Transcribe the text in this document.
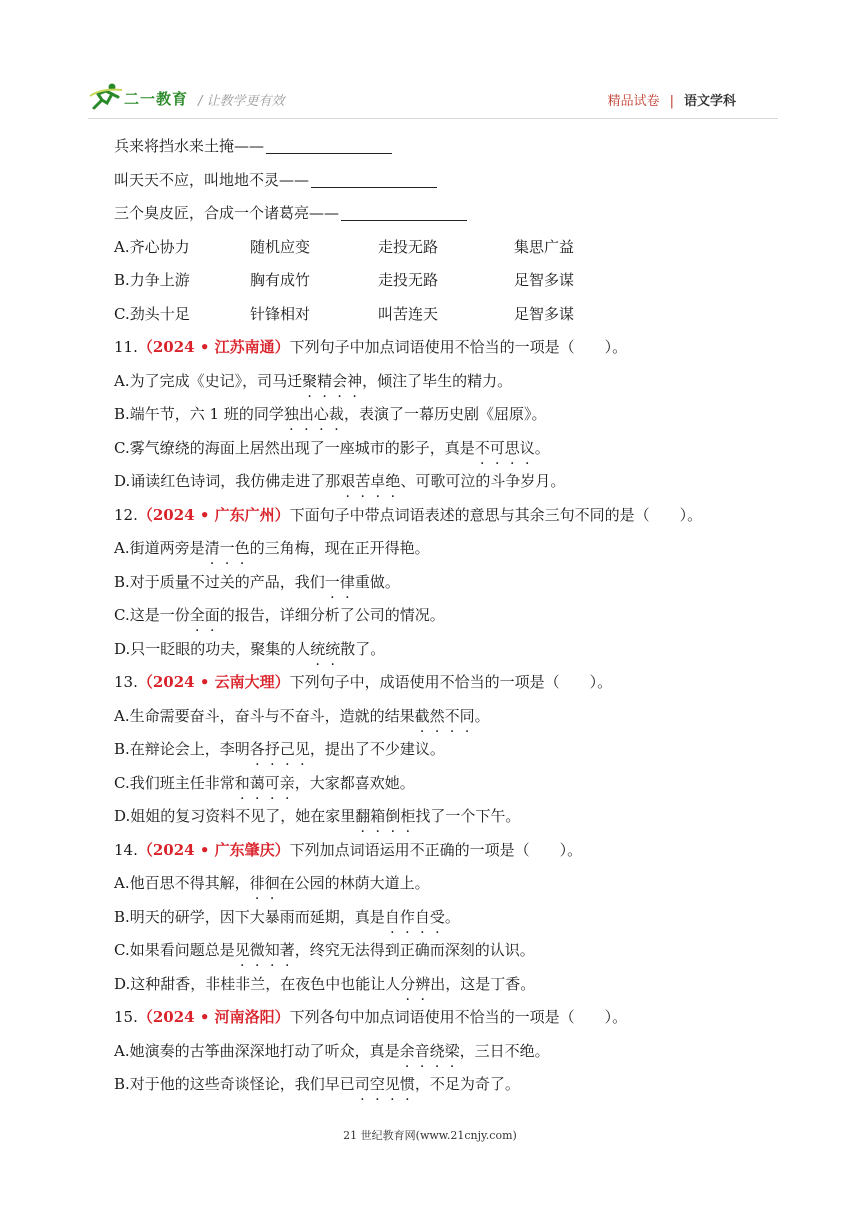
二一教育 / 让教学更有效	精品试卷 | 语文学科
兵来将挡水来土掩——
叫天天不应，叫地地不灵——
三个臭皮匠，合成一个诸葛亮——
A.齐心协力	随机应变	走投无路	集思广益
B.力争上游	胸有成竹	走投无路	足智多谋
C.劲头十足	针锋相对	叫苦连天	足智多谋
11.（2024 • 江苏南通）下列句子中加点词语使用不恰当的一项是（　　）。
A.为了完成《史记》，司马迁聚精会神，倾注了毕生的精力。
B.端午节，六 1 班的同学独出心裁，表演了一幕历史剧《屈原》。
C.雾气缭绕的海面上居然出现了一座城市的影子，真是不可思议。
D.诵读红色诗词，我仿佛走进了那艰苦卓绝、可歌可泣的斗争岁月。
12.（2024 • 广东广州）下面句子中带点词语表述的意思与其余三句不同的是（　　）。
A.街道两旁是清一色的三角梅，现在正开得艳。
B.对于质量不过关的产品，我们一律重做。
C.这是一份全面的报告，详细分析了公司的情况。
D.只一眨眼的功夫，聚集的人统统散了。
13.（2024 • 云南大理）下列句子中，成语使用不恰当的一项是（　　）。
A.生命需要奋斗，奋斗与不奋斗，造就的结果截然不同。
B.在辩论会上，李明各抒己见，提出了不少建议。
C.我们班主任非常和蔼可亲，大家都喜欢她。
D.姐姐的复习资料不见了，她在家里翻箱倒柜找了一个下午。
14.（2024 • 广东肇庆）下列加点词语运用不正确的一项是（　　）。
A.他百思不得其解，徘徊在公园的林荫大道上。
B.明天的研学，因下大暴雨而延期，真是自作自受。
C.如果看问题总是见微知著，终究无法得到正确而深刻的认识。
D.这种甜香，非桂非兰，在夜色中也能让人分辨出，这是丁香。
15.（2024 • 河南洛阳）下列各句中加点词语使用不恰当的一项是（　　）。
A.她演奏的古筝曲深深地打动了听众，真是余音绕梁，三日不绝。
B.对于他的这些奇谈怪论，我们早已司空见惯，不足为奇了。
21 世纪教育网(www.21cnjy.com)
